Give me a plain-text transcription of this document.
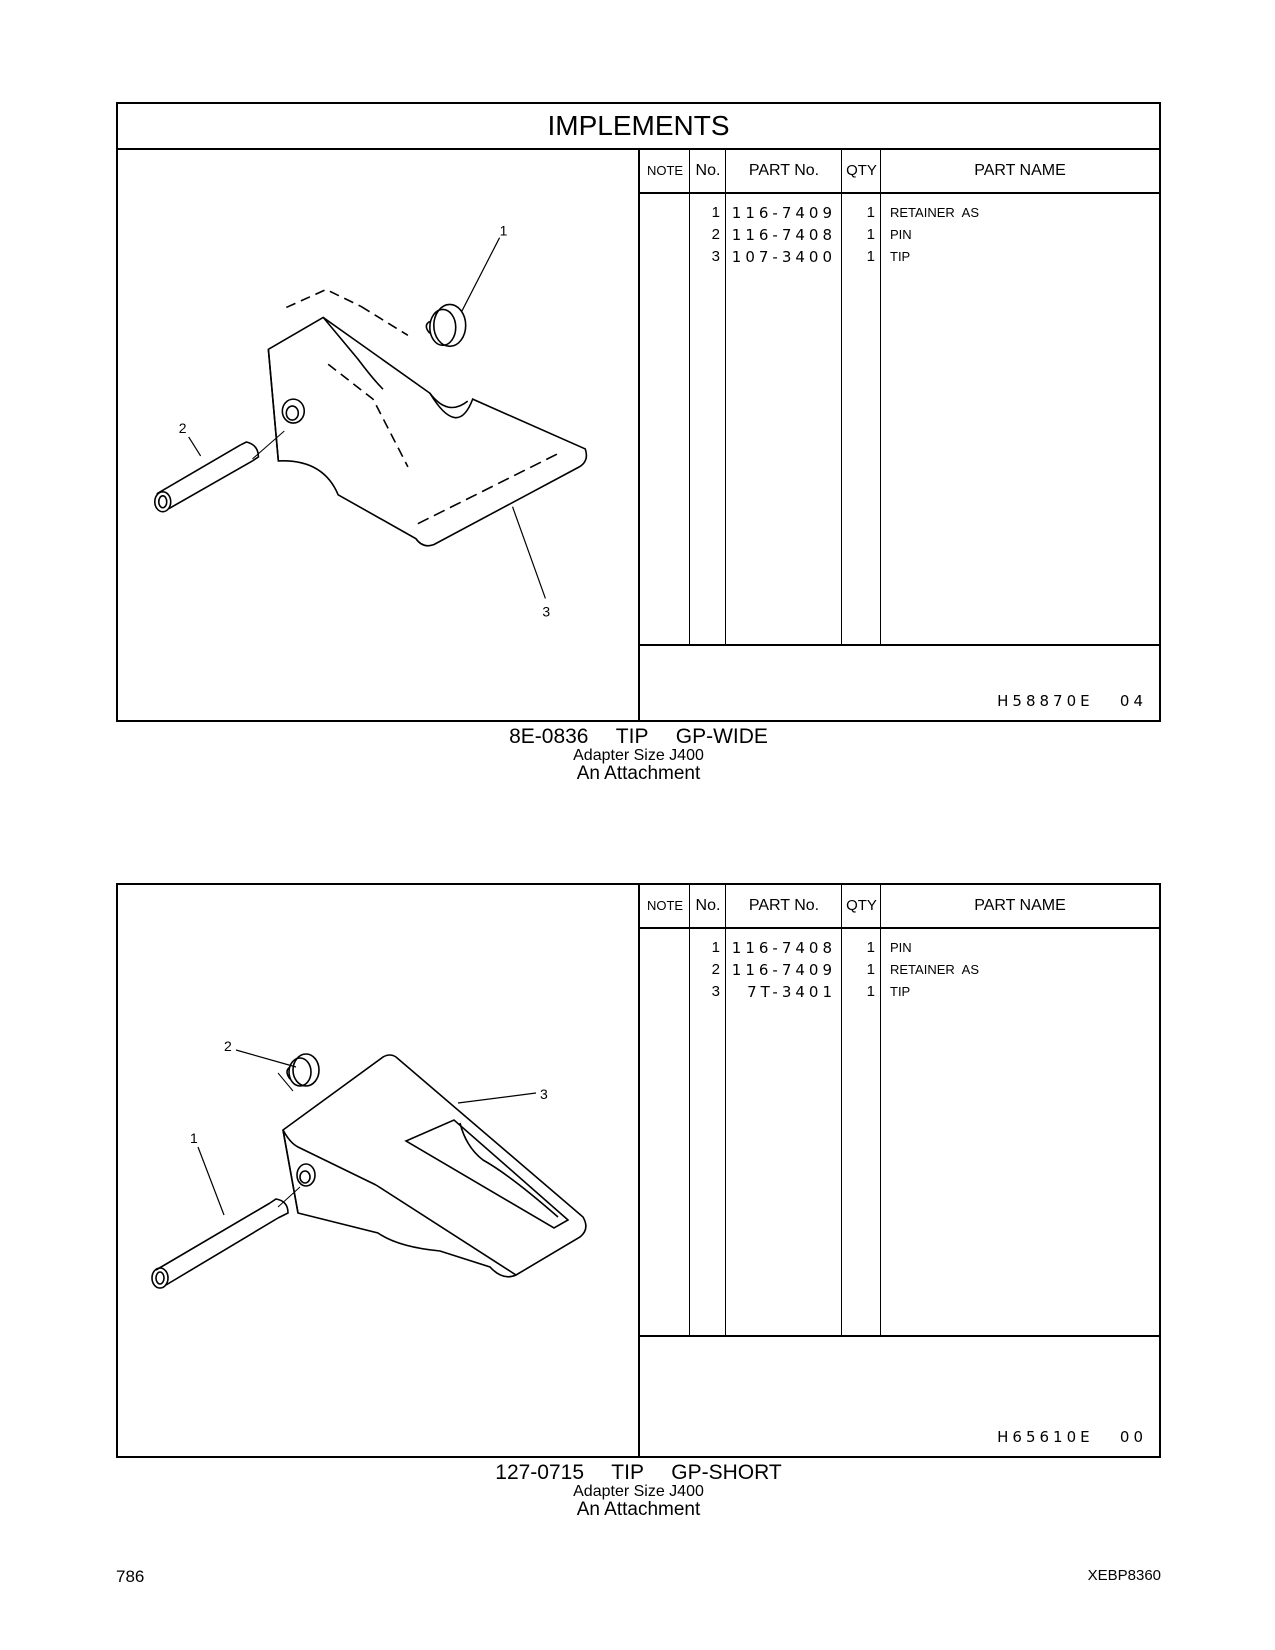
IMPLEMENTS
1
2
3
NOTE No.	PART No.	QTY	PART NAME
1 116-7409	1 RETAINER AS
2 116-7408	1 PIN
3 107-3400	1 TIP
H58870E   04
8E-0836  TIP  GP-WIDE
Adapter Size J400
An Attachment
2
3
1
NOTE No.	PART No.	QTY	PART NAME
1 116-7408	1 PIN
2 116-7409	1 RETAINER AS
3	7T-3401	1 TIP
H65610E   00
127-0715  TIP  GP-SHORT
Adapter Size J400
An Attachment
786	XEBP8360
